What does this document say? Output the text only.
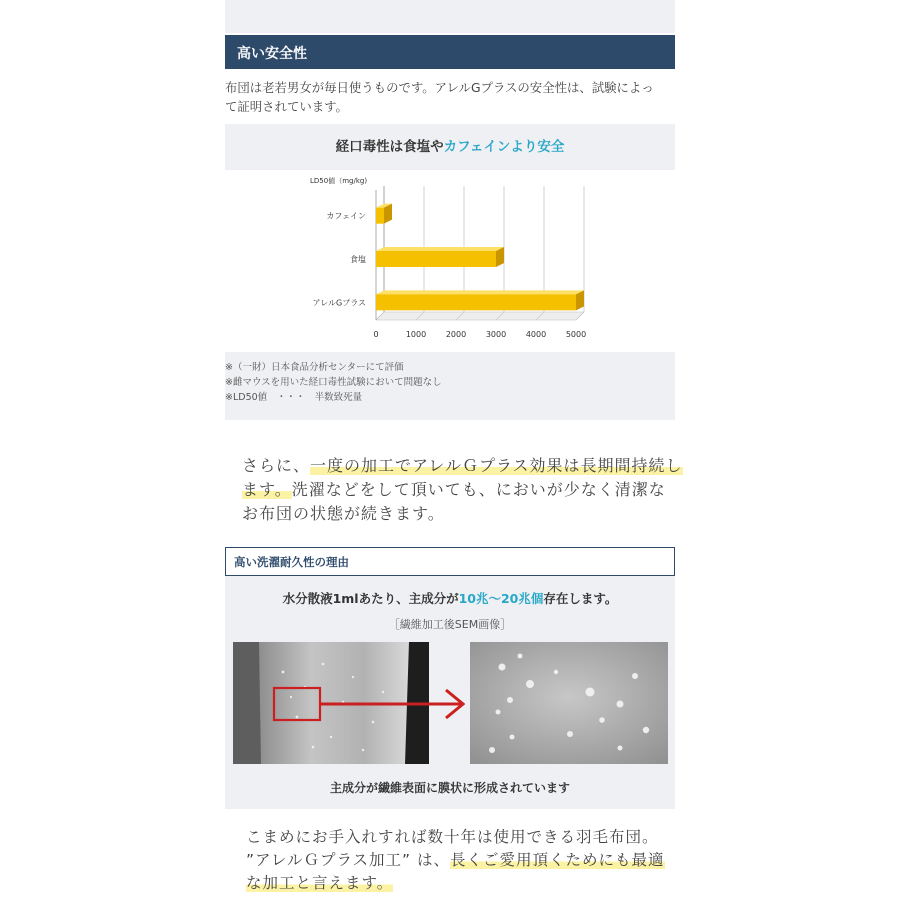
高い安全性
布団は老若男女が毎日使うものです。アレルGプラスの安全性は、試験によっ
て証明されています。
経口毒性は食塩やカフェインより安全
0	1000 2000 3000 4000 5000
LD50値（mg/kg)
カフェイン
食塩
アレルGプラス
※（一財）日本食品分析センターにて評価
※雌マウスを用いた経口毒性試験において問題なし
※LD50値　・・・　半数致死量
さらに、一度の加工でアレルＧプラス効果は長期間持続し
ます。洗濯などをして頂いても、においが少なく清潔な
お布団の状態が続きます。
高い洗濯耐久性の理由
水分散液1mlあたり、主成分が10兆～20兆個存在します。
［繊維加工後SEM画像］
主成分が繊維表面に膜状に形成されています
こまめにお手入れすれば数十年は使用できる羽毛布団。
”アレルＧプラス加工” は、長くご愛用頂くためにも最適
な加工と言えます。
